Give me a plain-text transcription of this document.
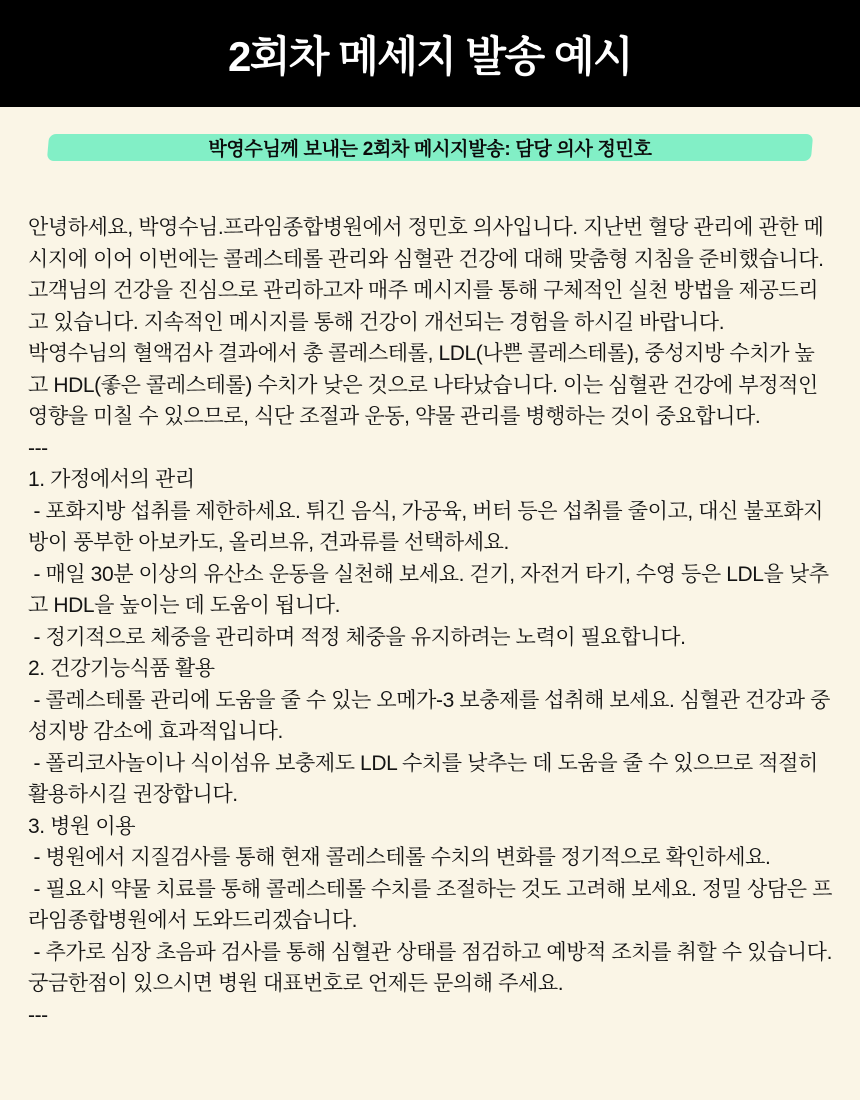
2회차 메세지 발송 예시
박영수님께 보내는 2회차 메시지발송: 담당 의사 정민호

안녕하세요, 박영수님.프라임종합병원에서 정민호 의사입니다. 지난번 혈당 관리에 관한 메시지에 이어 이번에는 콜레스테롤 관리와 심혈관 건강에 대해 맞춤형 지침을 준비했습니다.고객님의 건강을 진심으로 관리하고자 매주 메시지를 통해 구체적인 실천 방법을 제공드리고 있습니다. 지속적인 메시지를 통해 건강이 개선되는 경험을 하시길 바랍니다.

박영수님의 혈액검사 결과에서 총 콜레스테롤, LDL(나쁜 콜레스테롤), 중성지방 수치가 높고 HDL(좋은 콜레스테롤) 수치가 낮은 것으로 나타났습니다. 이는 심혈관 건강에 부정적인 영향을 미칠 수 있으므로, 식단 조절과 운동, 약물 관리를 병행하는 것이 중요합니다.

---

1. 가정에서의 관리

- 포화지방 섭취를 제한하세요. 튀긴 음식, 가공육, 버터 등은 섭취를 줄이고, 대신 불포화지방이 풍부한 아보카도, 올리브유, 견과류를 선택하세요.

- 매일 30분 이상의 유산소 운동을 실천해 보세요. 걷기, 자전거 타기, 수영 등은 LDL을 낮추고 HDL을 높이는 데 도움이 됩니다.

- 정기적으로 체중을 관리하며 적정 체중을 유지하려는 노력이 필요합니다.

2. 건강기능식품 활용

- 콜레스테롤 관리에 도움을 줄 수 있는 오메가-3 보충제를 섭취해 보세요. 심혈관 건강과 중성지방 감소에 효과적입니다.

- 폴리코사놀이나 식이섬유 보충제도 LDL 수치를 낮추는 데 도움을 줄 수 있으므로 적절히 활용하시길 권장합니다.

3. 병원 이용

- 병원에서 지질검사를 통해 현재 콜레스테롤 수치의 변화를 정기적으로 확인하세요.

- 필요시 약물 치료를 통해 콜레스테롤 수치를 조절하는 것도 고려해 보세요. 정밀 상담은 프라임종합병원에서 도와드리겠습니다.

- 추가로 심장 초음파 검사를 통해 심혈관 상태를 점검하고 예방적 조치를 취할 수 있습니다.궁금한점이 있으시면 병원 대표번호로 언제든 문의해 주세요.

---
